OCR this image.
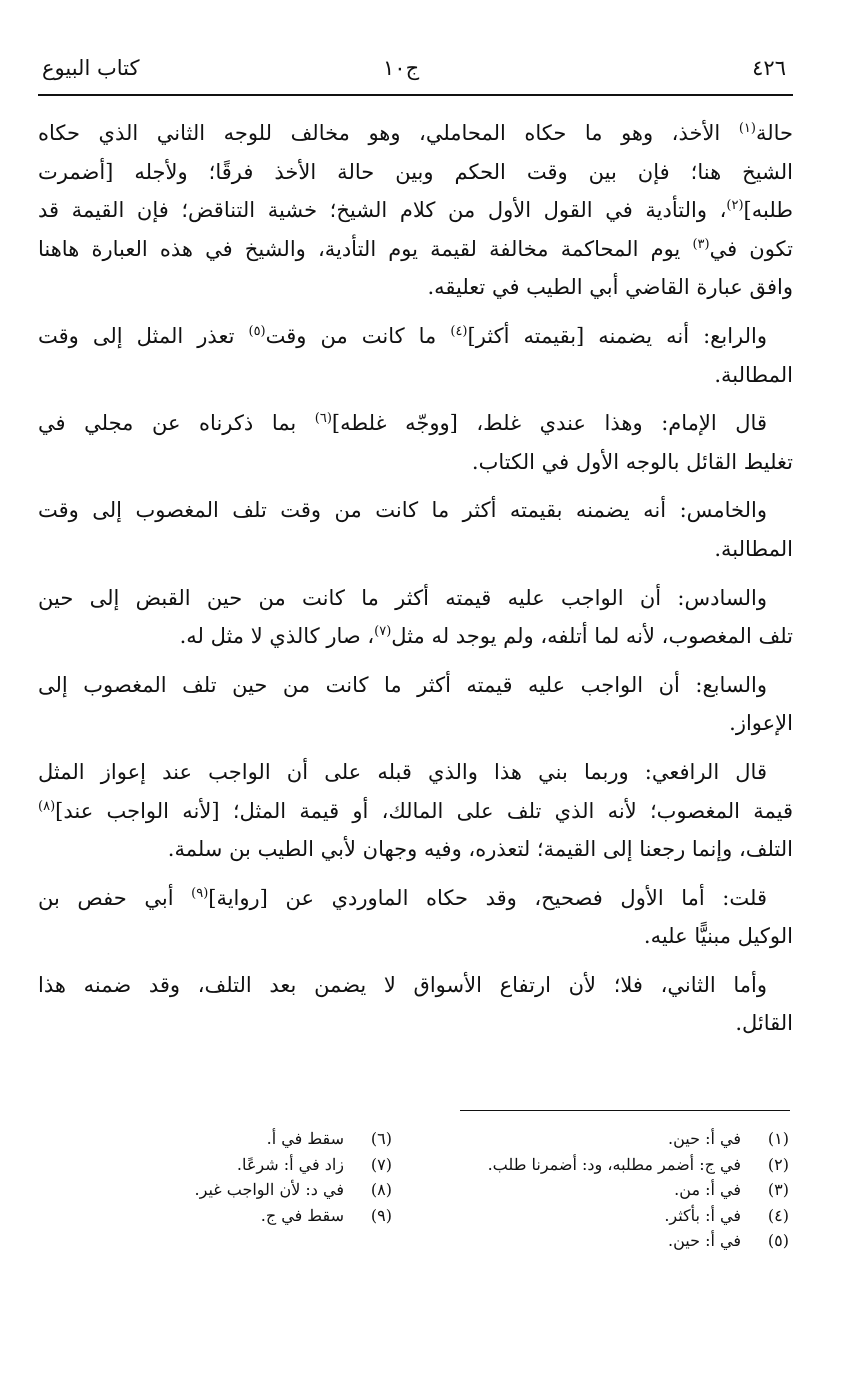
٤٢٦
ج١٠
كتاب البيوع
حالة$^{(١)}$ الأخذ، وهو ما حكاه المحاملي، وهو مخالف للوجه الثاني الذي حكاه
الشيخ هنا؛ فإن بين وقت الحكم وبين حالة الأخذ فرقًا؛ ولأجله [أضمرت
طلبه]$^{(٢)}$، والتأدية في القول الأول من كلام الشيخ؛ خشية التناقض؛ فإن القيمة قد
تكون في$^{(٣)}$ يوم المحاكمة مخالفة لقيمة يوم التأدية، والشيخ في هذه العبارة هاهنا
وافق عبارة القاضي أبي الطيب في تعليقه.
والرابع: أنه يضمنه [بقيمته أكثر]$^{(٤)}$ ما كانت من وقت$^{(٥)}$ تعذر المثل إلى وقت
المطالبة.
قال الإمام: وهذا عندي غلط، [ووجّه غلطه]$^{(٦)}$ بما ذكرناه عن مجلي في
تغليط القائل بالوجه الأول في الكتاب.
والخامس: أنه يضمنه بقيمته أكثر ما كانت من وقت تلف المغصوب إلى وقت
المطالبة.
والسادس: أن الواجب عليه قيمته أكثر ما كانت من حين القبض إلى حين
تلف المغصوب، لأنه لما أتلفه، ولم يوجد له مثل$^{(٧)}$، صار كالذي لا مثل له.
والسابع: أن الواجب عليه قيمته أكثر ما كانت من حين تلف المغصوب إلى
الإعواز.
قال الرافعي: وربما بني هذا والذي قبله على أن الواجب عند إعواز المثل
قيمة المغصوب؛ لأنه الذي تلف على المالك، أو قيمة المثل؛ [لأنه الواجب عند]$^{(٨)}$
التلف، وإنما رجعنا إلى القيمة؛ لتعذره، وفيه وجهان لأبي الطيب بن سلمة.
قلت: أما الأول فصحيح، وقد حكاه الماوردي عن [رواية]$^{(٩)}$ أبي حفص بن
الوكيل مبنيًّا عليه.
وأما الثاني، فلا؛ لأن ارتفاع الأسواق لا يضمن بعد التلف، وقد ضمنه هذا
القائل.
(١)
في أ: حين.
(٢)
في ج: أضمر مطلبه، ود: أضمرنا طلب.
(٣)
في أ: من.
(٤)
في أ: بأكثر.
(٥)
في أ: حين.
(٦)
سقط في أ.
(٧)
زاد في أ: شرعًا.
(٨)
في د: لأن الواجب غير.
(٩)
سقط في ج.
